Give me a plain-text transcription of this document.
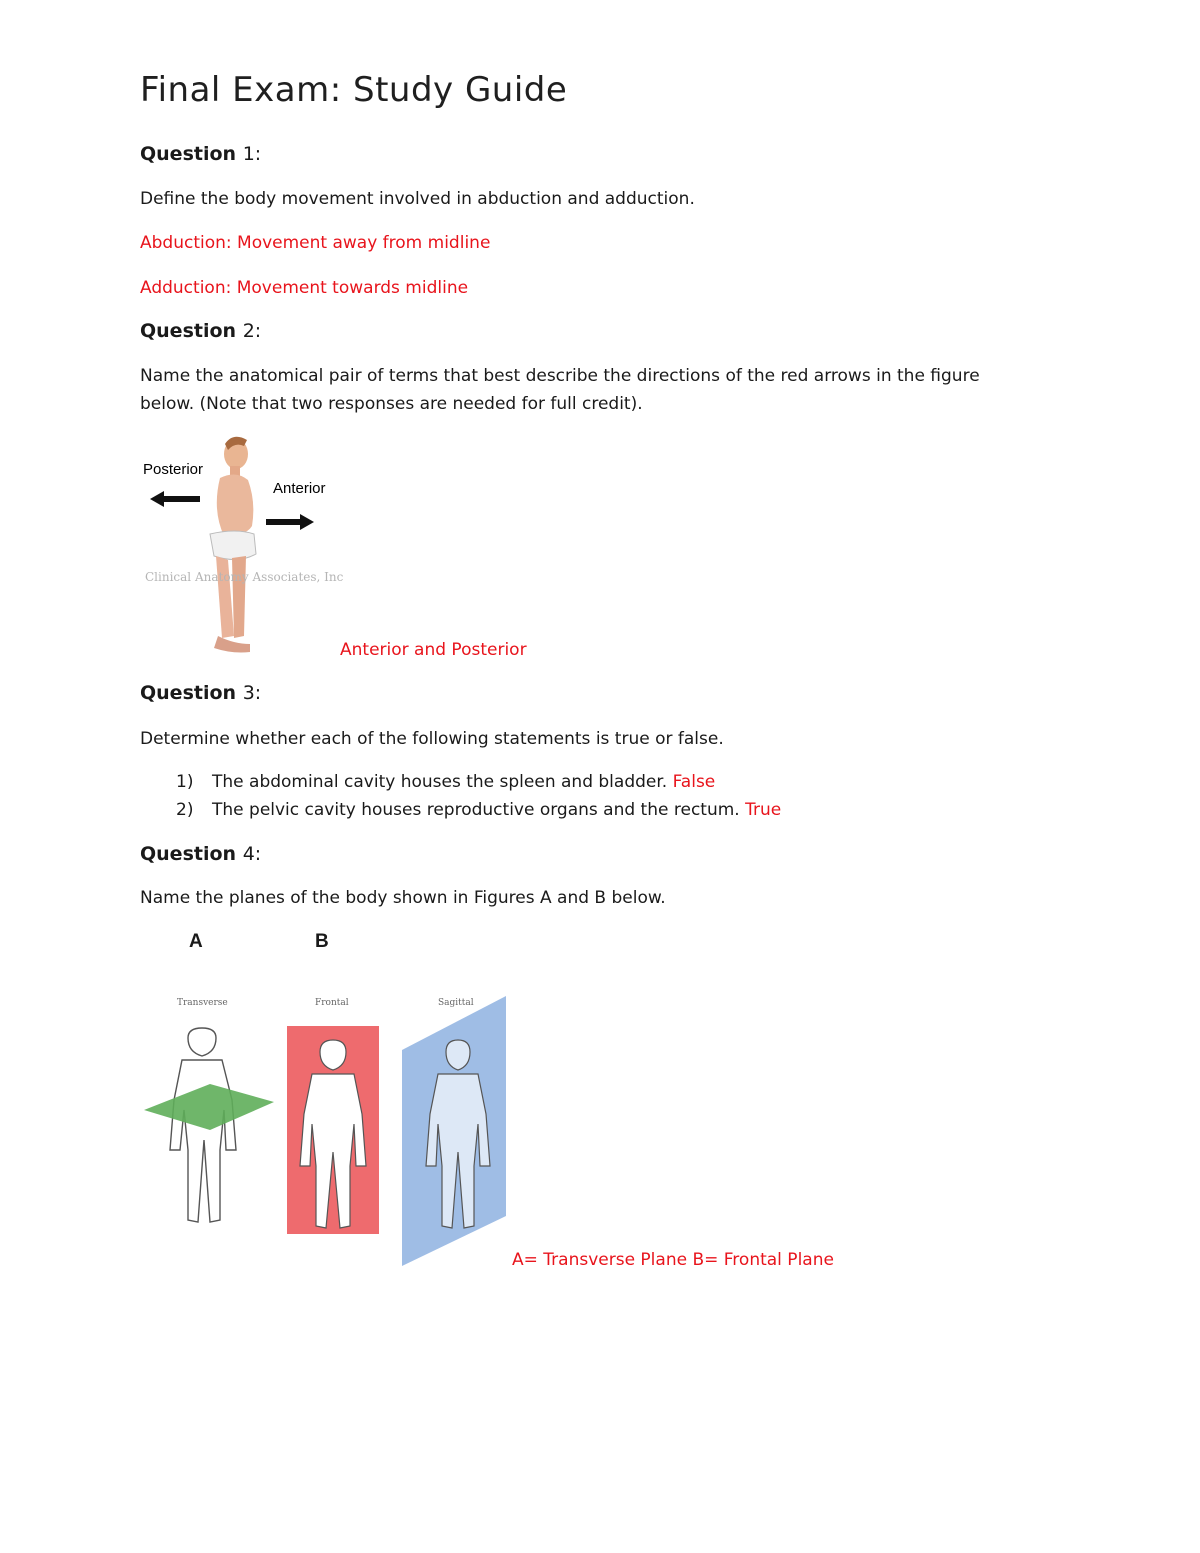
Final Exam: Study Guide
Question 1:
Define the body movement involved in abduction and adduction.
Abduction: Movement away from midline
Adduction: Movement towards midline
Question 2:
Name the anatomical pair of terms that best describe the directions of the red arrows in the figure below. (Note that two responses are needed for full credit).
Posterior
Anterior
Clinical Anatomy Associates, Inc
Anterior and Posterior
Question 3:
Determine whether each of the following statements is true or false.
1) The abdominal cavity houses the spleen and bladder. False
2) The pelvic cavity houses reproductive organs and the rectum. True
Question 4:
Name the planes of the body shown in Figures A and B below.
A	B
Transverse	Frontal	Sagittal
A= Transverse Plane B= Frontal Plane
